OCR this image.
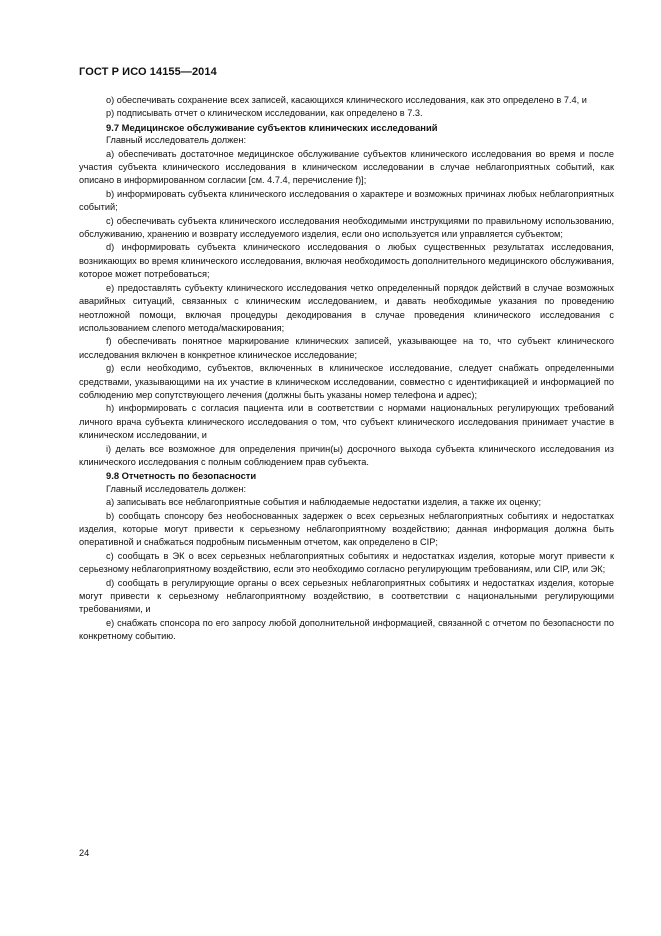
ГОСТ Р ИСО 14155—2014

о) обеспечивать сохранение всех записей, касающихся клинического исследования, как это определено в 7.4, и

p) подписывать отчет о клиническом исследовании, как определено в 7.3.

9.7 Медицинское обслуживание субъектов клинических исследований

Главный исследователь должен:

a) обеспечивать достаточное медицинское обслуживание субъектов клинического исследования во время и после участия субъекта клинического исследования в клиническом исследовании в случае неблагоприятных событий, как описано в информированном согласии [см. 4.7.4, перечисление f)];

b) информировать субъекта клинического исследования о характере и возможных причинах любых неблагоприятных событий;

c) обеспечивать субъекта клинического исследования необходимыми инструкциями по правильному использованию, обслуживанию, хранению и возврату исследуемого изделия, если оно используется или управляется субъектом;

d) информировать субъекта клинического исследования о любых существенных результатах исследования, возникающих во время клинического исследования, включая необходимость дополнительного медицинского обслуживания, которое может потребоваться;

e) предоставлять субъекту клинического исследования четко определенный порядок действий в случае возможных аварийных ситуаций, связанных с клиническим исследованием, и давать необходимые указания по проведению неотложной помощи, включая процедуры декодирования в случае проведения клинического исследования с использованием слепого метода/маскирования;

f) обеспечивать понятное маркирование клинических записей, указывающее на то, что субъект клинического исследования включен в конкретное клиническое исследование;

g) если необходимо, субъектов, включенных в клиническое исследование, следует снабжать определенными средствами, указывающими на их участие в клиническом исследовании, совместно с идентификацией и информацией по соблюдению мер сопутствующего лечения (должны быть указаны номер телефона и адрес);

h) информировать с согласия пациента или в соответствии с нормами национальных регулирующих требований личного врача субъекта клинического исследования о том, что субъект клинического исследования принимает участие в клиническом исследовании, и

i) делать все возможное для определения причин(ы) досрочного выхода субъекта клинического исследования из клинического исследования с полным соблюдением прав субъекта.

9.8 Отчетность по безопасности

Главный исследователь должен:

a) записывать все неблагоприятные события и наблюдаемые недостатки изделия, а также их оценку;

b) сообщать спонсору без необоснованных задержек о всех серьезных неблагоприятных событиях и недостатках изделия, которые могут привести к серьезному неблагоприятному воздействию; данная информация должна быть оперативной и снабжаться подробным письменным отчетом, как определено в CIP;

c) сообщать в ЭК о всех серьезных неблагоприятных событиях и недостатках изделия, которые могут привести к серьезному неблагоприятному воздействию, если это необходимо согласно регулирующим требованиям, или CIP, или ЭК;

d) сообщать в регулирующие органы о всех серьезных неблагоприятных событиях и недостатках изделия, которые могут привести к серьезному неблагоприятному воздействию, в соответствии с национальными регулирующими требованиями, и

e) снабжать спонсора по его запросу любой дополнительной информацией, связанной с отчетом по безопасности по конкретному событию.

24
